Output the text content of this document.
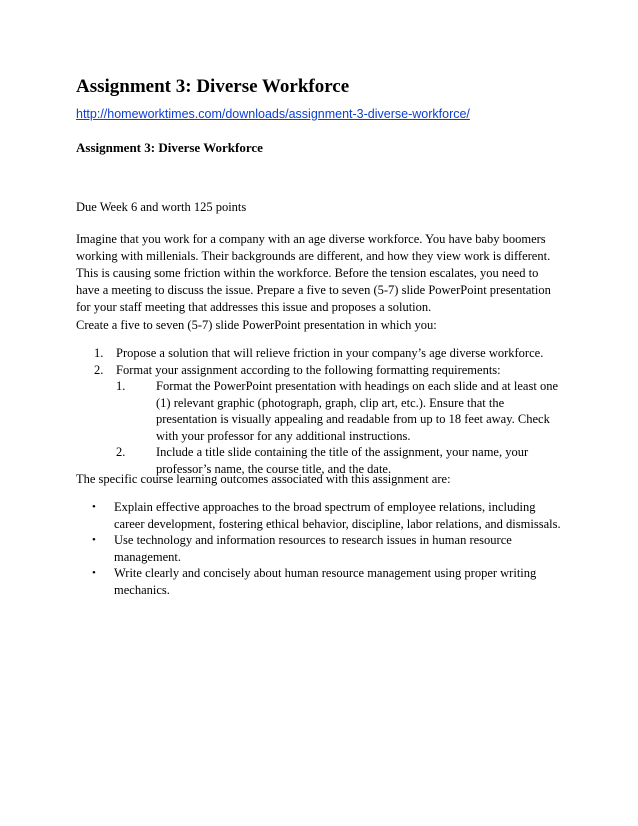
Assignment 3: Diverse Workforce
http://homeworktimes.com/downloads/assignment-3-diverse-workforce/
Assignment 3: Diverse Workforce

Due Week 6 and worth 125 points

Imagine that you work for a company with an age diverse workforce. You have baby boomers working with millenials. Their backgrounds are different, and how they view work is different. This is causing some friction within the workforce. Before the tension escalates, you need to have a meeting to discuss the issue. Prepare a five to seven (5-7) slide PowerPoint presentation for your staff meeting that addresses this issue and proposes a solution.

Create a five to seven (5-7) slide PowerPoint presentation in which you:

1. Propose a solution that will relieve friction in your company’s age diverse workforce.
2. Format your assignment according to the following formatting requirements:
1. Format the PowerPoint presentation with headings on each slide and at least one (1) relevant graphic (photograph, graph, clip art, etc.). Ensure that the presentation is visually appealing and readable from up to 18 feet away. Check with your professor for any additional instructions.
2. Include a title slide containing the title of the assignment, your name, your professor’s name, the course title, and the date.

The specific course learning outcomes associated with this assignment are:

• Explain effective approaches to the broad spectrum of employee relations, including career development, fostering ethical behavior, discipline, labor relations, and dismissals.
• Use technology and information resources to research issues in human resource management.
• Write clearly and concisely about human resource management using proper writing mechanics.
